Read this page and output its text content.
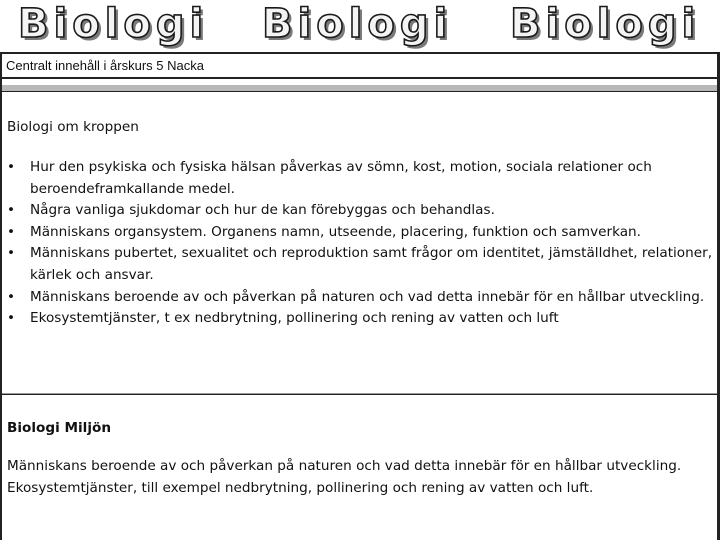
Biologi Biologi Biologi
Centralt innehåll i årskurs 5 Nacka
Biologi om kroppen
• Hur den psykiska och fysiska hälsan påverkas av sömn, kost, motion, sociala relationer och beroendeframkallande medel.
• Några vanliga sjukdomar och hur de kan förebyggas och behandlas.
• Människans organsystem. Organens namn, utseende, placering, funktion och samverkan.
• Människans pubertet, sexualitet och reproduktion samt frågor om identitet, jämställdhet, relationer, kärlek och ansvar.
• Människans beroende av och påverkan på naturen och vad detta innebär för en hållbar utveckling.
• Ekosystemtjänster, t ex nedbrytning, pollinering och rening av vatten och luft
Biologi Miljön

Människans beroende av och påverkan på naturen och vad detta innebär för en hållbar utveckling. Ekosystemtjänster, till exempel nedbrytning, pollinering och rening av vatten och luft.
